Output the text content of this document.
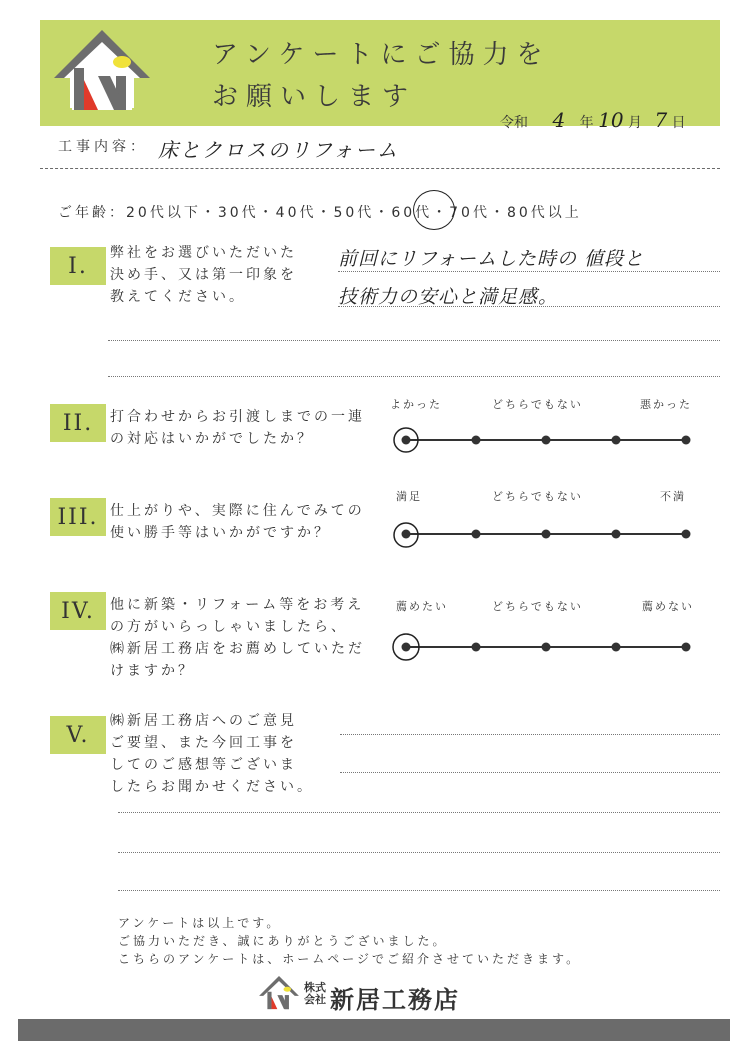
アンケートにご協力を
お願いします
令和 4 年 10 月 7 日
工事内容： 床とクロスのリフォーム
ご年齢：20代以下・30代・40代・50代・60代・70代・80代以上
I.
弊社をお選びいただいた
決め手、又は第一印象を
教えてください。
前回にリフォームした時の 値段と
技術力の安心と満足感。
II.	打合わせからお引渡しまでの一連
の対応はいかがでしたか？
よかった	どちらでもない	悪かった
III. 仕上がりや、実際に住んでみての
使い勝手等はいかがですか？
満足	どちらでもない	不満
IV.	他に新築・リフォーム等をお考え
の方がいらっしゃいましたら、
㈱新居工務店をお薦めしていただ
けますか？
薦めたい	どちらでもない	薦めない
V.
㈱新居工務店へのご意見
ご要望、また今回工事を
してのご感想等ございま
したらお聞かせください。
アンケートは以上です。
ご協力いただき、誠にありがとうございました。
こちらのアンケートは、ホームページでご紹介させていただきます。
株式
会社 新居工務店
